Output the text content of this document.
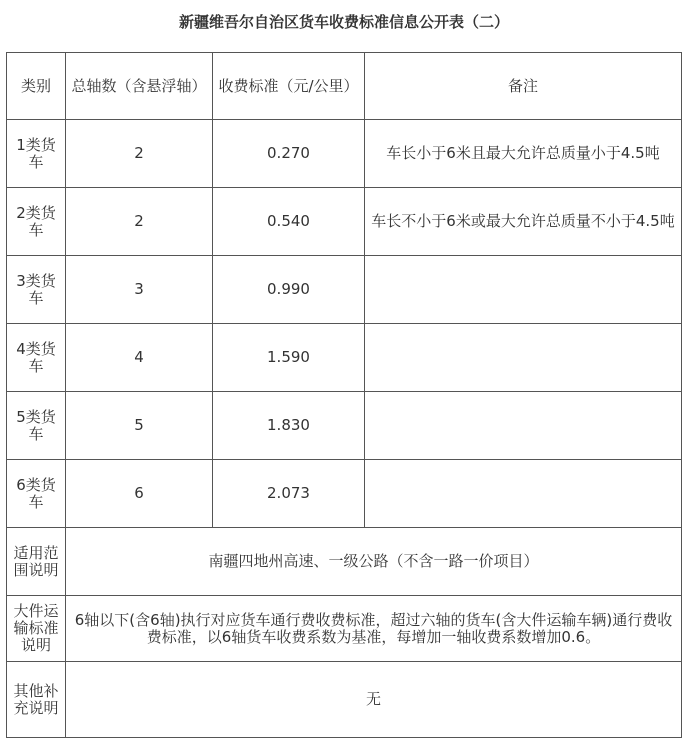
新疆维吾尔自治区货车收费标准信息公开表（二）
类别	总轴数（含悬浮轴）	收费标准（元/公里）	备注
1类货车	2	0.270	车长小于6米且最大允许总质量小于4.5吨
2类货车	2	0.540	车长不小于6米或最大允许总质量不小于4.5吨
3类货车	3	0.990	
4类货车	4	1.590	
5类货车	5	1.830	
6类货车	6	2.073	
适用范围说明	南疆四地州高速、一级公路（不含一路一价项目）		
大件运输标准说明	6轴以下(含6轴)执行对应货车通行费收费标准，超过六轴的货车(含大件运输车辆)通行费收费标准，以6轴货车收费系数为基准，每增加一轴收费系数增加0.6。		
其他补充说明	无		
